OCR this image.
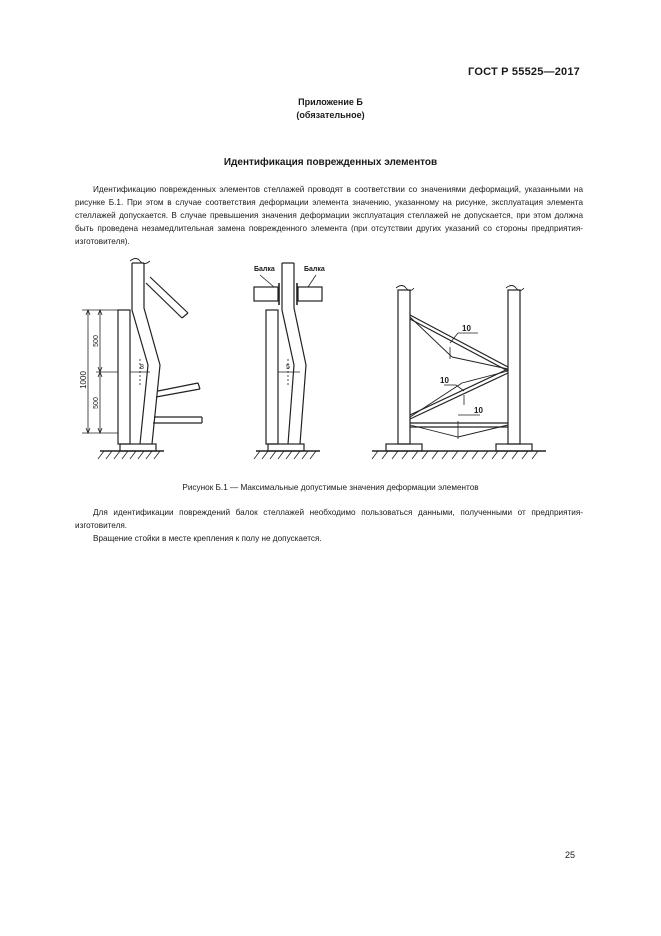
ГОСТ Р 55525—2017
Приложение Б
(обязательное)
Идентификация поврежденных элементов

Идентификацию поврежденных элементов стеллажей проводят в соответствии со значениями деформаций, указанными на рисунке Б.1. При этом в случае соответствия деформации элемента значению, указанному на рисунке, эксплуатация элемента стеллажей допускается. В случае превышения значения деформации эксплуатация стеллажей не допускается, при этом должна быть проведена незамедлительная замена поврежденного элемента (при отсутствии других указаний со стороны предприятия-изготовителя).

1000
500
500
8	5
Балка	Балка
10
10
10
Рисунок Б.1 — Максимальные допустимые значения деформации элементов

Для идентификации повреждений балок стеллажей необходимо пользоваться данными, полученными от предприятия-изготовителя.

Вращение стойки в месте крепления к полу не допускается.

25
